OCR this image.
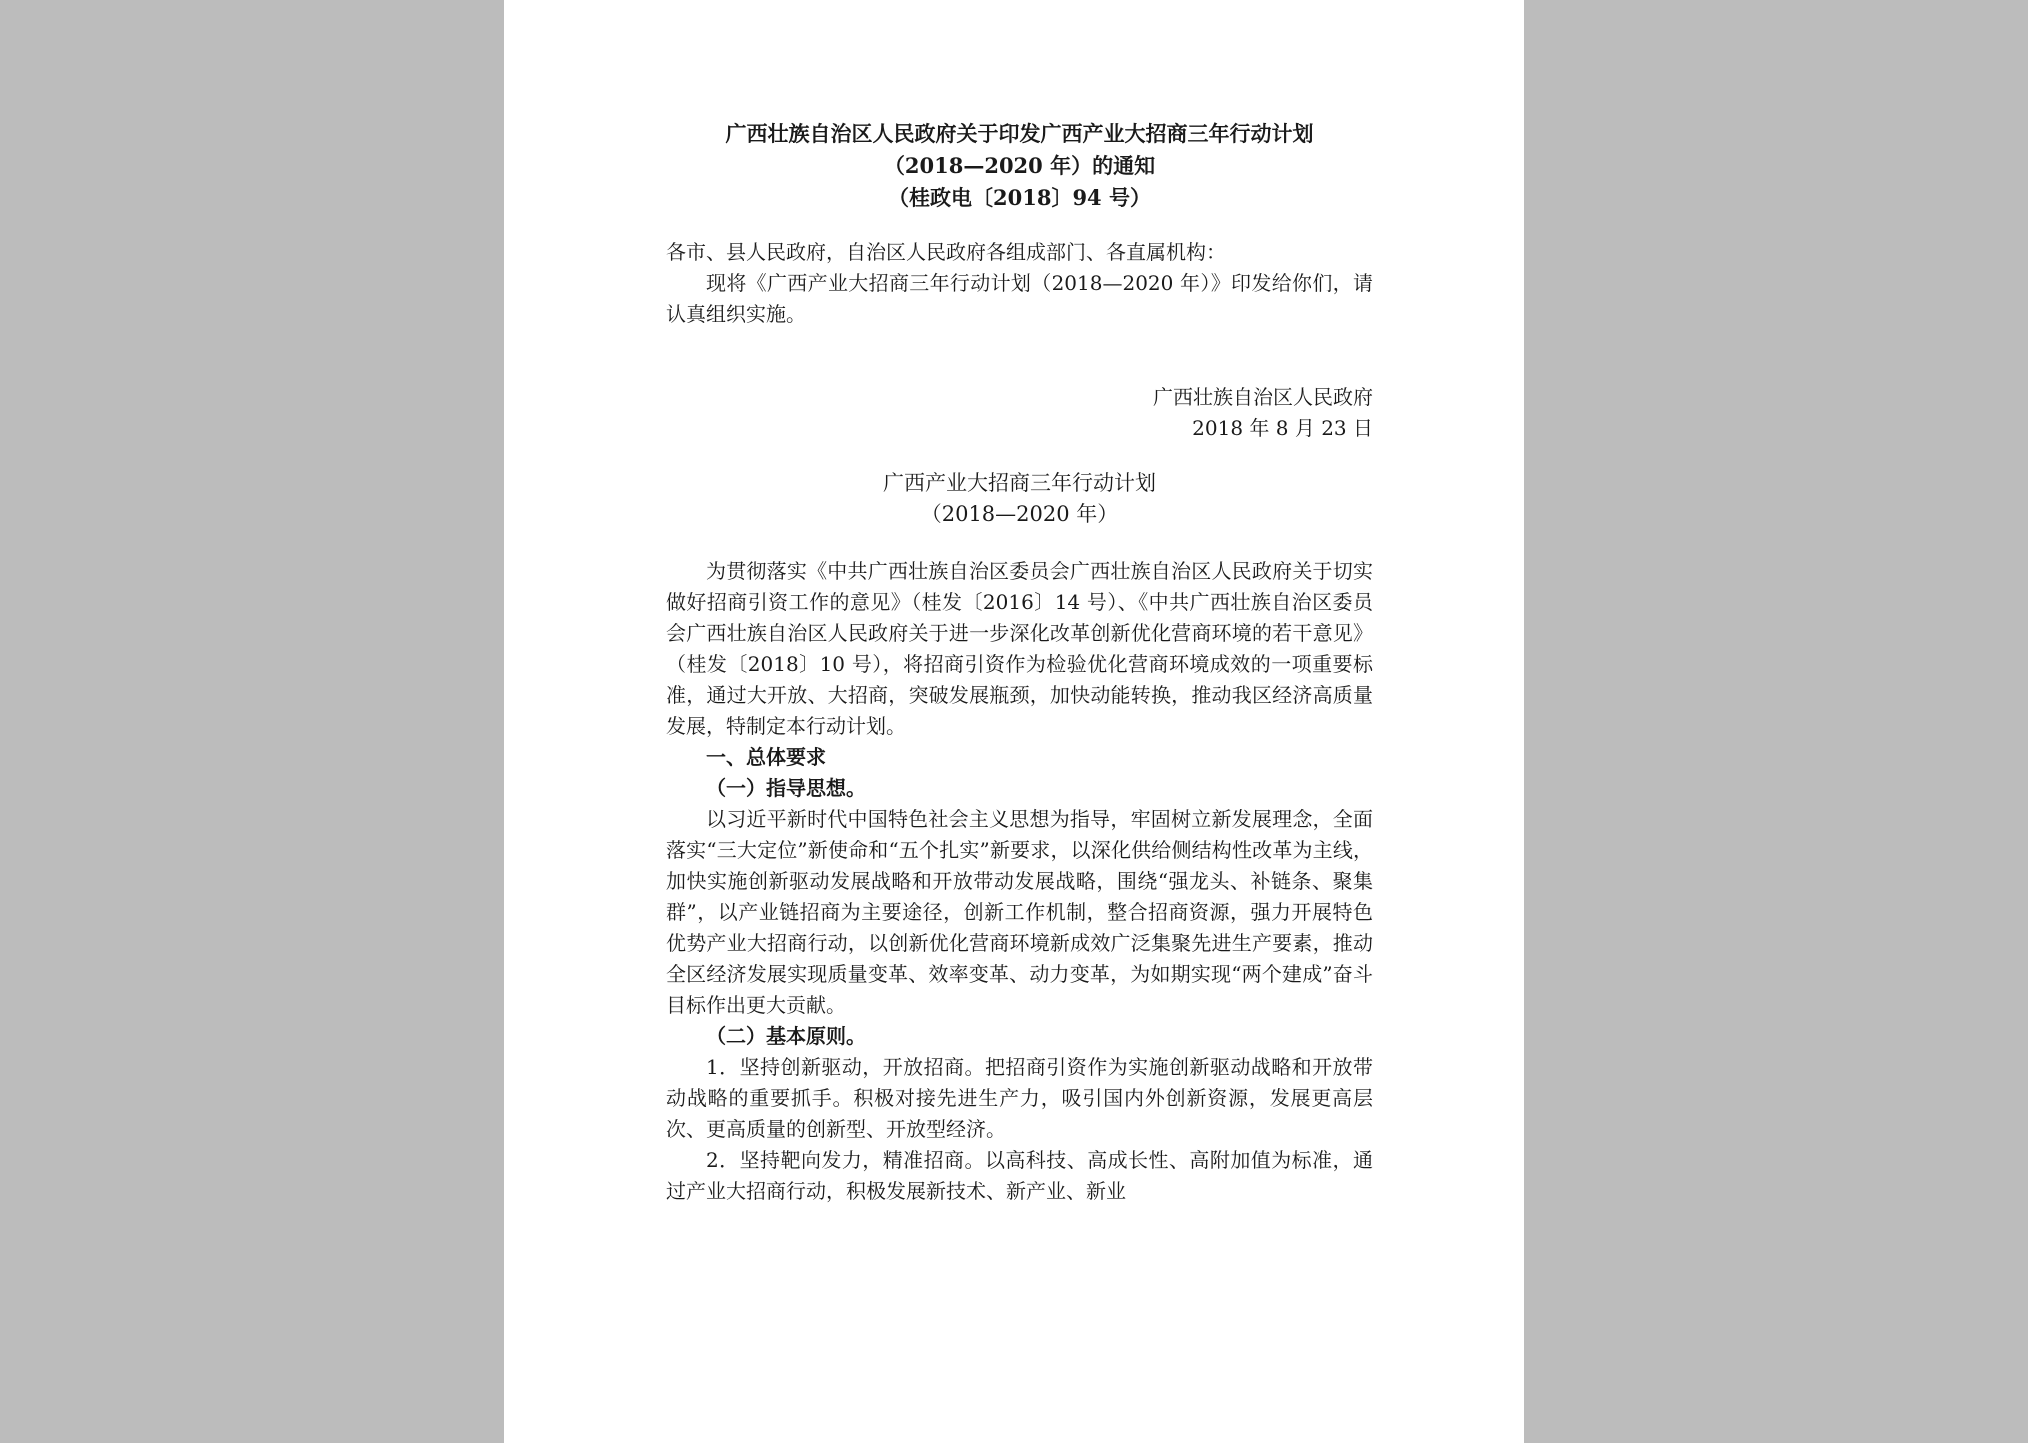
广西壮族自治区人民政府关于印发广西产业大招商三年行动计划
（2018—2020 年）的通知
（桂政电〔2018〕94 号）
各市、县人民政府，自治区人民政府各组成部门、各直属机构：

现将《广西产业大招商三年行动计划（2018—2020 年）》印发给你们，请认真组织实施。

广西壮族自治区人民政府
2018 年 8 月 23 日
广西产业大招商三年行动计划
（2018—2020 年）

为贯彻落实《中共广西壮族自治区委员会广西壮族自治区人民政府关于切实做好招商引资工作的意见》（桂发〔2016〕14 号）、《中共广西壮族自治区委员会广西壮族自治区人民政府关于进一步深化改革创新优化营商环境的若干意见》（桂发〔2018〕10 号），将招商引资作为检验优化营商环境成效的一项重要标准，通过大开放、大招商，突破发展瓶颈，加快动能转换，推动我区经济高质量发展，特制定本行动计划。

一、总体要求
（一）指导思想。

以习近平新时代中国特色社会主义思想为指导，牢固树立新发展理念，全面落实“三大定位”新使命和“五个扎实”新要求，以深化供给侧结构性改革为主线，加快实施创新驱动发展战略和开放带动发展战略，围绕“强龙头、补链条、聚集群”，以产业链招商为主要途径，创新工作机制，整合招商资源，强力开展特色优势产业大招商行动，以创新优化营商环境新成效广泛集聚先进生产要素，推动全区经济发展实现质量变革、效率变革、动力变革，为如期实现“两个建成”奋斗目标作出更大贡献。

（二）基本原则。

1．坚持创新驱动，开放招商。把招商引资作为实施创新驱动战略和开放带动战略的重要抓手。积极对接先进生产力，吸引国内外创新资源，发展更高层次、更高质量的创新型、开放型经济。

2．坚持靶向发力，精准招商。以高科技、高成长性、高附加值为标准，通过产业大招商行动，积极发展新技术、新产业、新业
